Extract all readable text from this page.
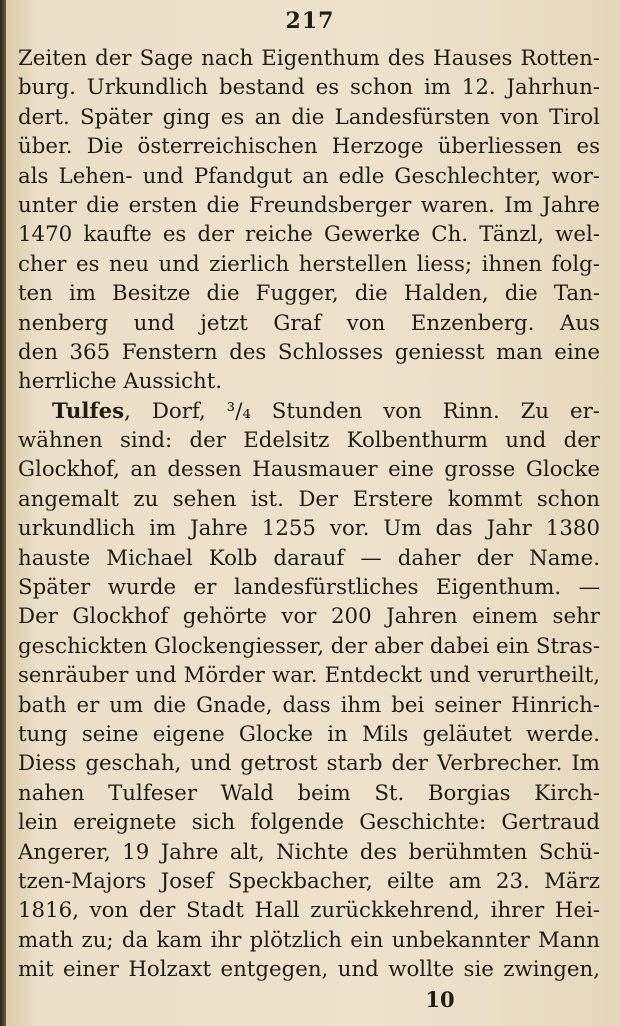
217
Zeiten der Sage nach Eigenthum des Hauses Rotten-
burg. Urkundlich bestand es schon im 12. Jahrhun-
dert. Später ging es an die Landesfürsten von Tirol
über. Die österreichischen Herzoge überliessen es
als Lehen- und Pfandgut an edle Geschlechter, wor-
unter die ersten die Freundsberger waren. Im Jahre
1470 kaufte es der reiche Gewerke Ch. Tänzl, wel-
cher es neu und zierlich herstellen liess; ihnen folg-
ten im Besitze die Fugger, die Halden, die Tan-
nenberg und jetzt Graf von Enzenberg. Aus
den 365 Fenstern des Schlosses geniesst man eine
herrliche Aussicht.
Tulfes, Dorf, ³/₄ Stunden von Rinn. Zu er-
wähnen sind: der Edelsitz Kolbenthurm und der
Glockhof, an dessen Hausmauer eine grosse Glocke
angemalt zu sehen ist. Der Erstere kommt schon
urkundlich im Jahre 1255 vor. Um das Jahr 1380
hauste Michael Kolb darauf — daher der Name.
Später wurde er landesfürstliches Eigenthum. —
Der Glockhof gehörte vor 200 Jahren einem sehr
geschickten Glockengiesser, der aber dabei ein Stras-
senräuber und Mörder war. Entdeckt und verurtheilt,
bath er um die Gnade, dass ihm bei seiner Hinrich-
tung seine eigene Glocke in Mils geläutet werde.
Diess geschah, und getrost starb der Verbrecher. Im
nahen Tulfeser Wald beim St. Borgias Kirch-
lein ereignete sich folgende Geschichte: Gertraud
Angerer, 19 Jahre alt, Nichte des berühmten Schü-
tzen-Majors Josef Speckbacher, eilte am 23. März
1816, von der Stadt Hall zurückkehrend, ihrer Hei-
math zu; da kam ihr plötzlich ein unbekannter Mann
mit einer Holzaxt entgegen, und wollte sie zwingen,
10
